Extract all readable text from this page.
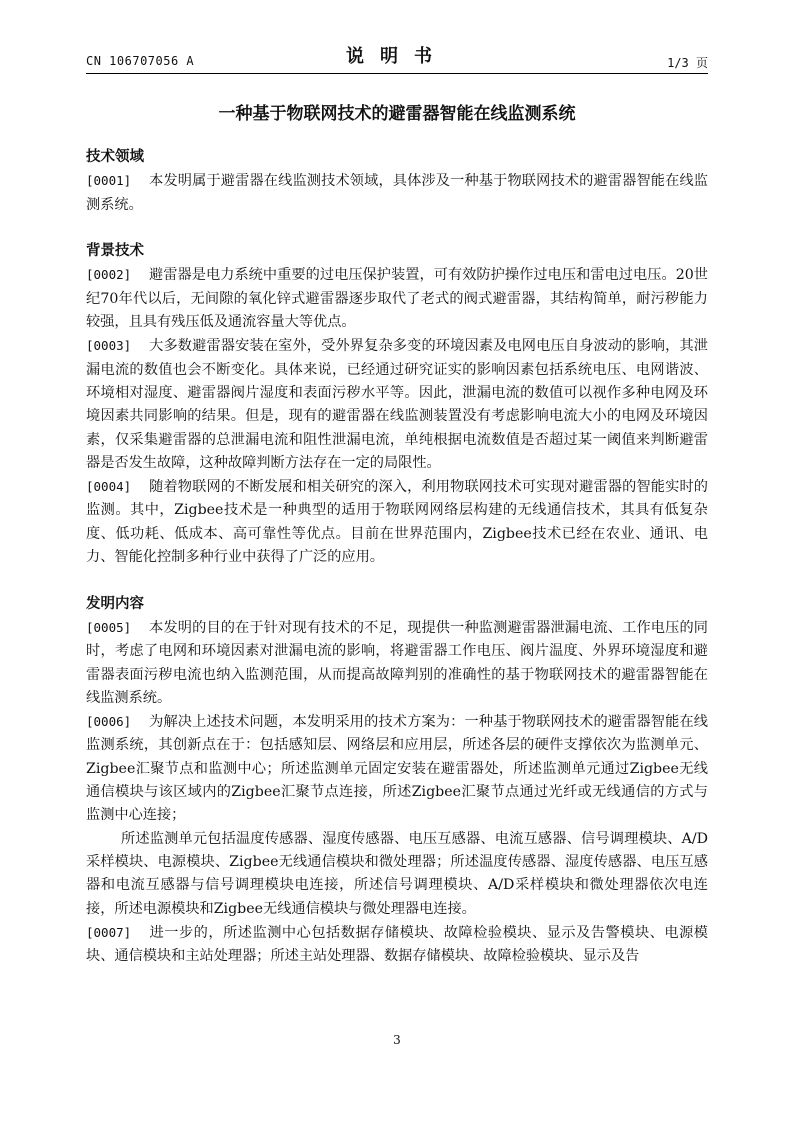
CN 106707056 A	说明书	1/3 页
一种基于物联网技术的避雷器智能在线监测系统

技术领域

[0001] 本发明属于避雷器在线监测技术领域，具体涉及一种基于物联网技术的避雷器智能在线监测系统。

背景技术

[0002] 避雷器是电力系统中重要的过电压保护装置，可有效防护操作过电压和雷电过电压。20世纪70年代以后，无间隙的氧化锌式避雷器逐步取代了老式的阀式避雷器，其结构简单，耐污秽能力较强，且具有残压低及通流容量大等优点。

[0003] 大多数避雷器安装在室外，受外界复杂多变的环境因素及电网电压自身波动的影响，其泄漏电流的数值也会不断变化。具体来说，已经通过研究证实的影响因素包括系统电压、电网谐波、环境相对湿度、避雷器阀片湿度和表面污秽水平等。因此，泄漏电流的数值可以视作多种电网及环境因素共同影响的结果。但是，现有的避雷器在线监测装置没有考虑影响电流大小的电网及环境因素，仅采集避雷器的总泄漏电流和阻性泄漏电流，单纯根据电流数值是否超过某一阈值来判断避雷器是否发生故障，这种故障判断方法存在一定的局限性。

[0004] 随着物联网的不断发展和相关研究的深入，利用物联网技术可实现对避雷器的智能实时的监测。其中，Zigbee技术是一种典型的适用于物联网网络层构建的无线通信技术，其具有低复杂度、低功耗、低成本、高可靠性等优点。目前在世界范围内，Zigbee技术已经在农业、通讯、电力、智能化控制多种行业中获得了广泛的应用。

发明内容

[0005] 本发明的目的在于针对现有技术的不足，现提供一种监测避雷器泄漏电流、工作电压的同时，考虑了电网和环境因素对泄漏电流的影响，将避雷器工作电压、阀片温度、外界环境湿度和避雷器表面污秽电流也纳入监测范围，从而提高故障判别的准确性的基于物联网技术的避雷器智能在线监测系统。

[0006] 为解决上述技术问题，本发明采用的技术方案为：一种基于物联网技术的避雷器智能在线监测系统，其创新点在于：包括感知层、网络层和应用层，所述各层的硬件支撑依次为监测单元、Zigbee汇聚节点和监测中心；所述监测单元固定安装在避雷器处，所述监测单元通过Zigbee无线通信模块与该区域内的Zigbee汇聚节点连接，所述Zigbee汇聚节点通过光纤或无线通信的方式与监测中心连接；

所述监测单元包括温度传感器、湿度传感器、电压互感器、电流互感器、信号调理模块、A/D采样模块、电源模块、Zigbee无线通信模块和微处理器；所述温度传感器、湿度传感器、电压互感器和电流互感器与信号调理模块电连接，所述信号调理模块、A/D采样模块和微处理器依次电连接，所述电源模块和Zigbee无线通信模块与微处理器电连接。

[0007] 进一步的，所述监测中心包括数据存储模块、故障检验模块、显示及告警模块、电源模块、通信模块和主站处理器；所述主站处理器、数据存储模块、故障检验模块、显示及告

3
